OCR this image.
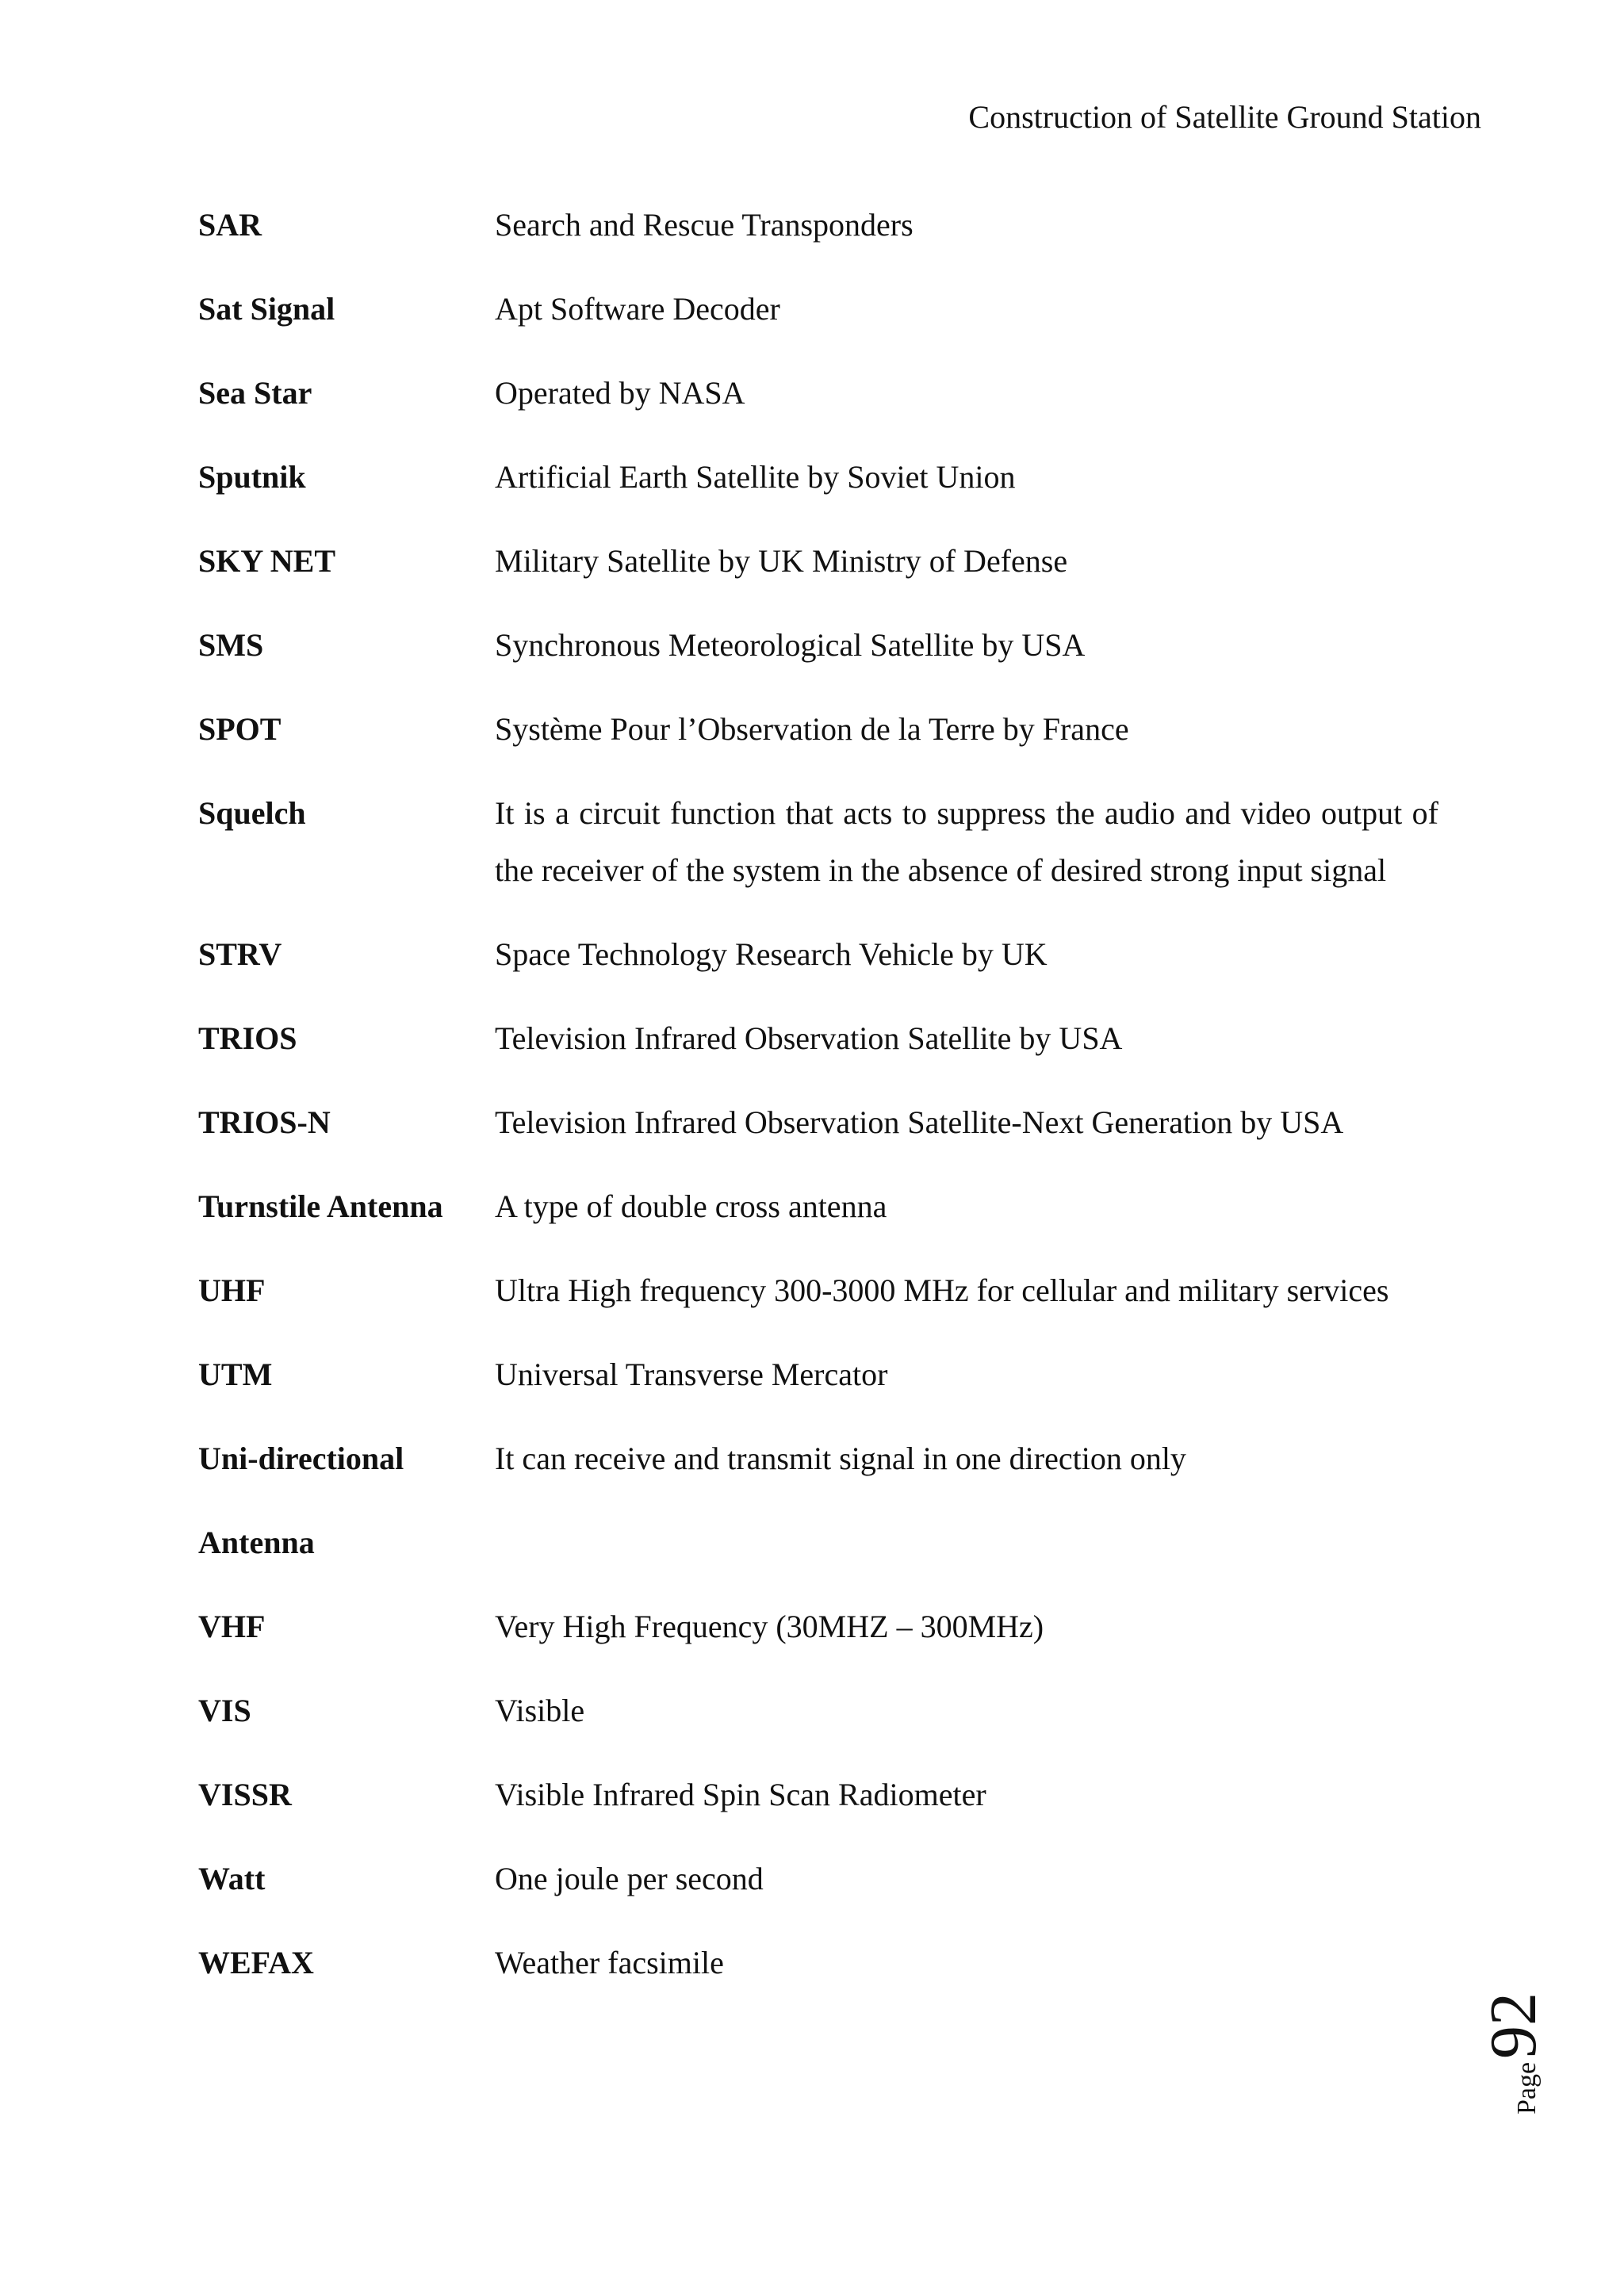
Construction of Satellite Ground Station
SAR	Search and Rescue Transponders
Sat Signal	Apt Software Decoder
Sea Star	Operated by NASA
Sputnik	Artificial Earth Satellite by Soviet Union
SKY NET	Military Satellite by UK Ministry of Defense
SMS	Synchronous Meteorological Satellite by USA
SPOT	Système Pour l’Observation de la Terre by France
Squelch	It is a circuit function that acts to suppress the audio and video output of the receiver of the system in the absence of desired strong input signal
STRV	Space Technology Research Vehicle by UK
TRIOS	Television Infrared Observation Satellite by USA
TRIOS-N	Television Infrared Observation Satellite-Next Generation by USA
Turnstile Antenna	A type of double cross antenna
UHF	Ultra High frequency 300-3000 MHz for cellular and military services
UTM	Universal Transverse Mercator
Uni-directional	It can receive and transmit signal in one direction only
Antenna
VHF	Very High Frequency (30MHZ – 300MHz)
VIS	Visible
VISSR	Visible Infrared Spin Scan Radiometer
Watt	One joule per second
WEFAX	Weather facsimile
Page
92
